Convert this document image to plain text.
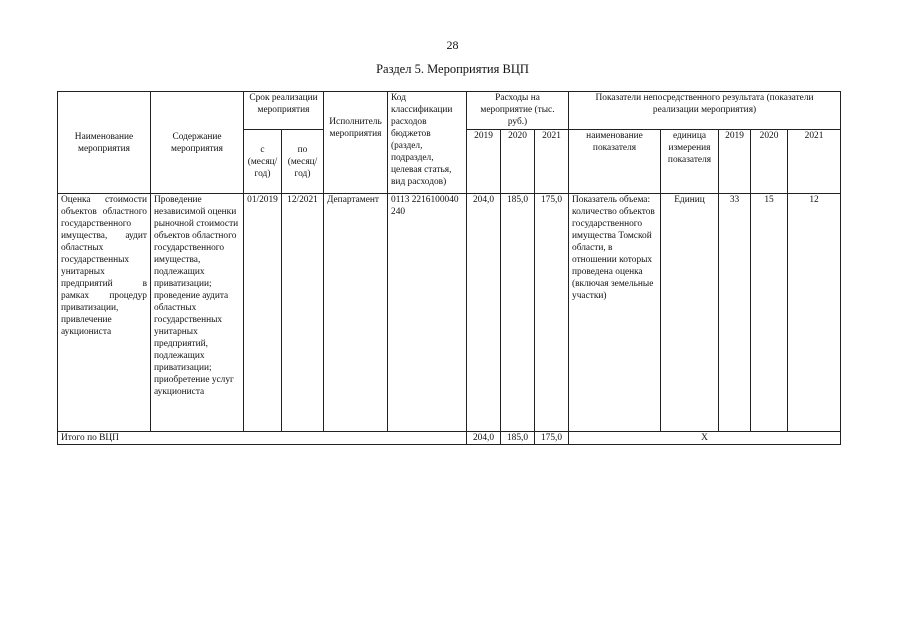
28
Раздел 5. Мероприятия ВЦП
Наименование мероприятия	Содержание мероприятия	Срок реализации мероприятия		Исполнитель мероприятия	Код классификации расходов бюджетов (раздел, подраздел, целевая статья, вид расходов)	Расходы на мероприятие (тыс. руб.)			Показатели непосредственного результата (показатели реализации мероприятия)				

		с (месяц/год)	по (месяц/год)			2019	2020	2021	наименование показателя	единица измерения показателя	2019	2020	2021

Оценка стоимости объектов областного государственного имущества, аудит областных государственных унитарных предприятий в рамках процедур приватизации, привлечение аукциониста	Проведение независимой оценки рыночной стоимости объектов областного государственного имущества, подлежащих приватизации; проведение аудита областных государственных унитарных предприятий, подлежащих приватизации; приобретение услуг аукциониста	01/2019	12/2021	Департамент	0113 2216100040 240	204,0	185,0	175,0	Показатель объема: количество объектов государственного имущества Томской области, в отношении которых проведена оценка (включая земельные участки)	Единиц	33	15	12
Итого по ВЦП						204,0	185,0	175,0	Х				
